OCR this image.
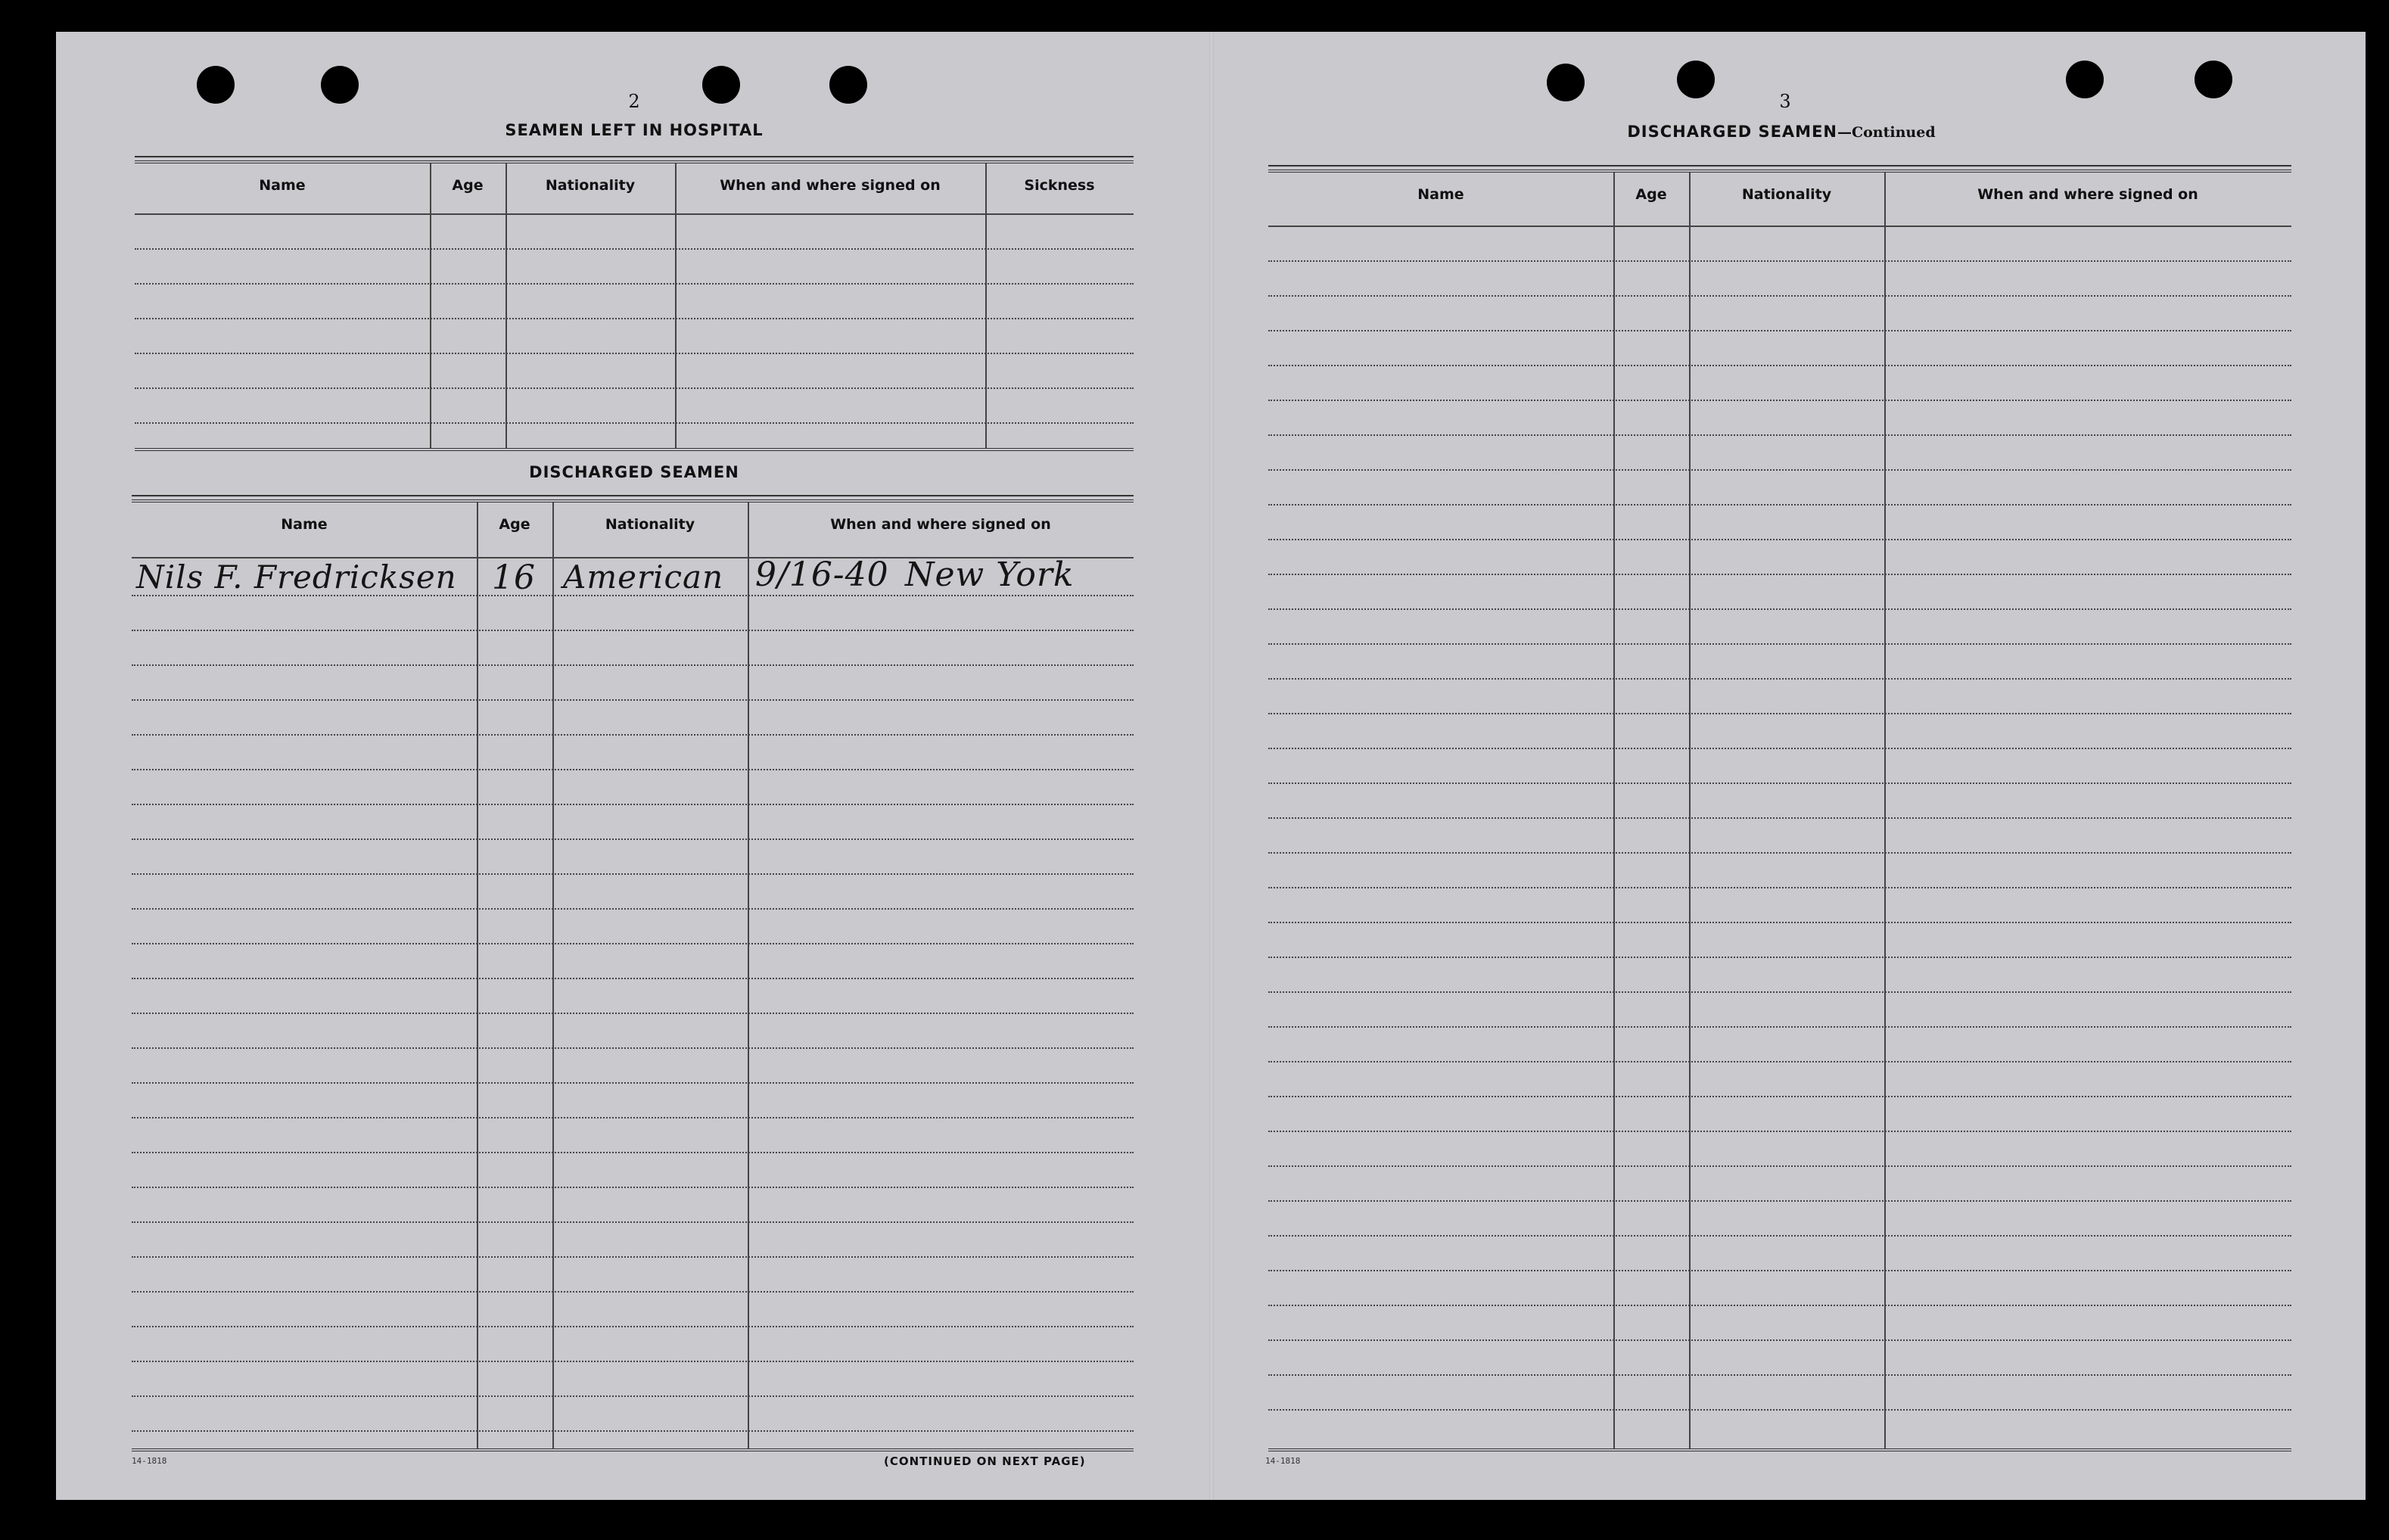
2
SEAMEN LEFT IN HOSPITAL
Name	Age	Nationality	When and where signed on	Sickness
DISCHARGED SEAMEN
Name	Age	Nationality	When and where signed on
Nils F. Fredricksen 16 American 9/16-40 New York
14-1818	(CONTINUED ON NEXT PAGE)
3
DISCHARGED SEAMEN—Continued
Name	Age	Nationality	When and where signed on
14-1818
